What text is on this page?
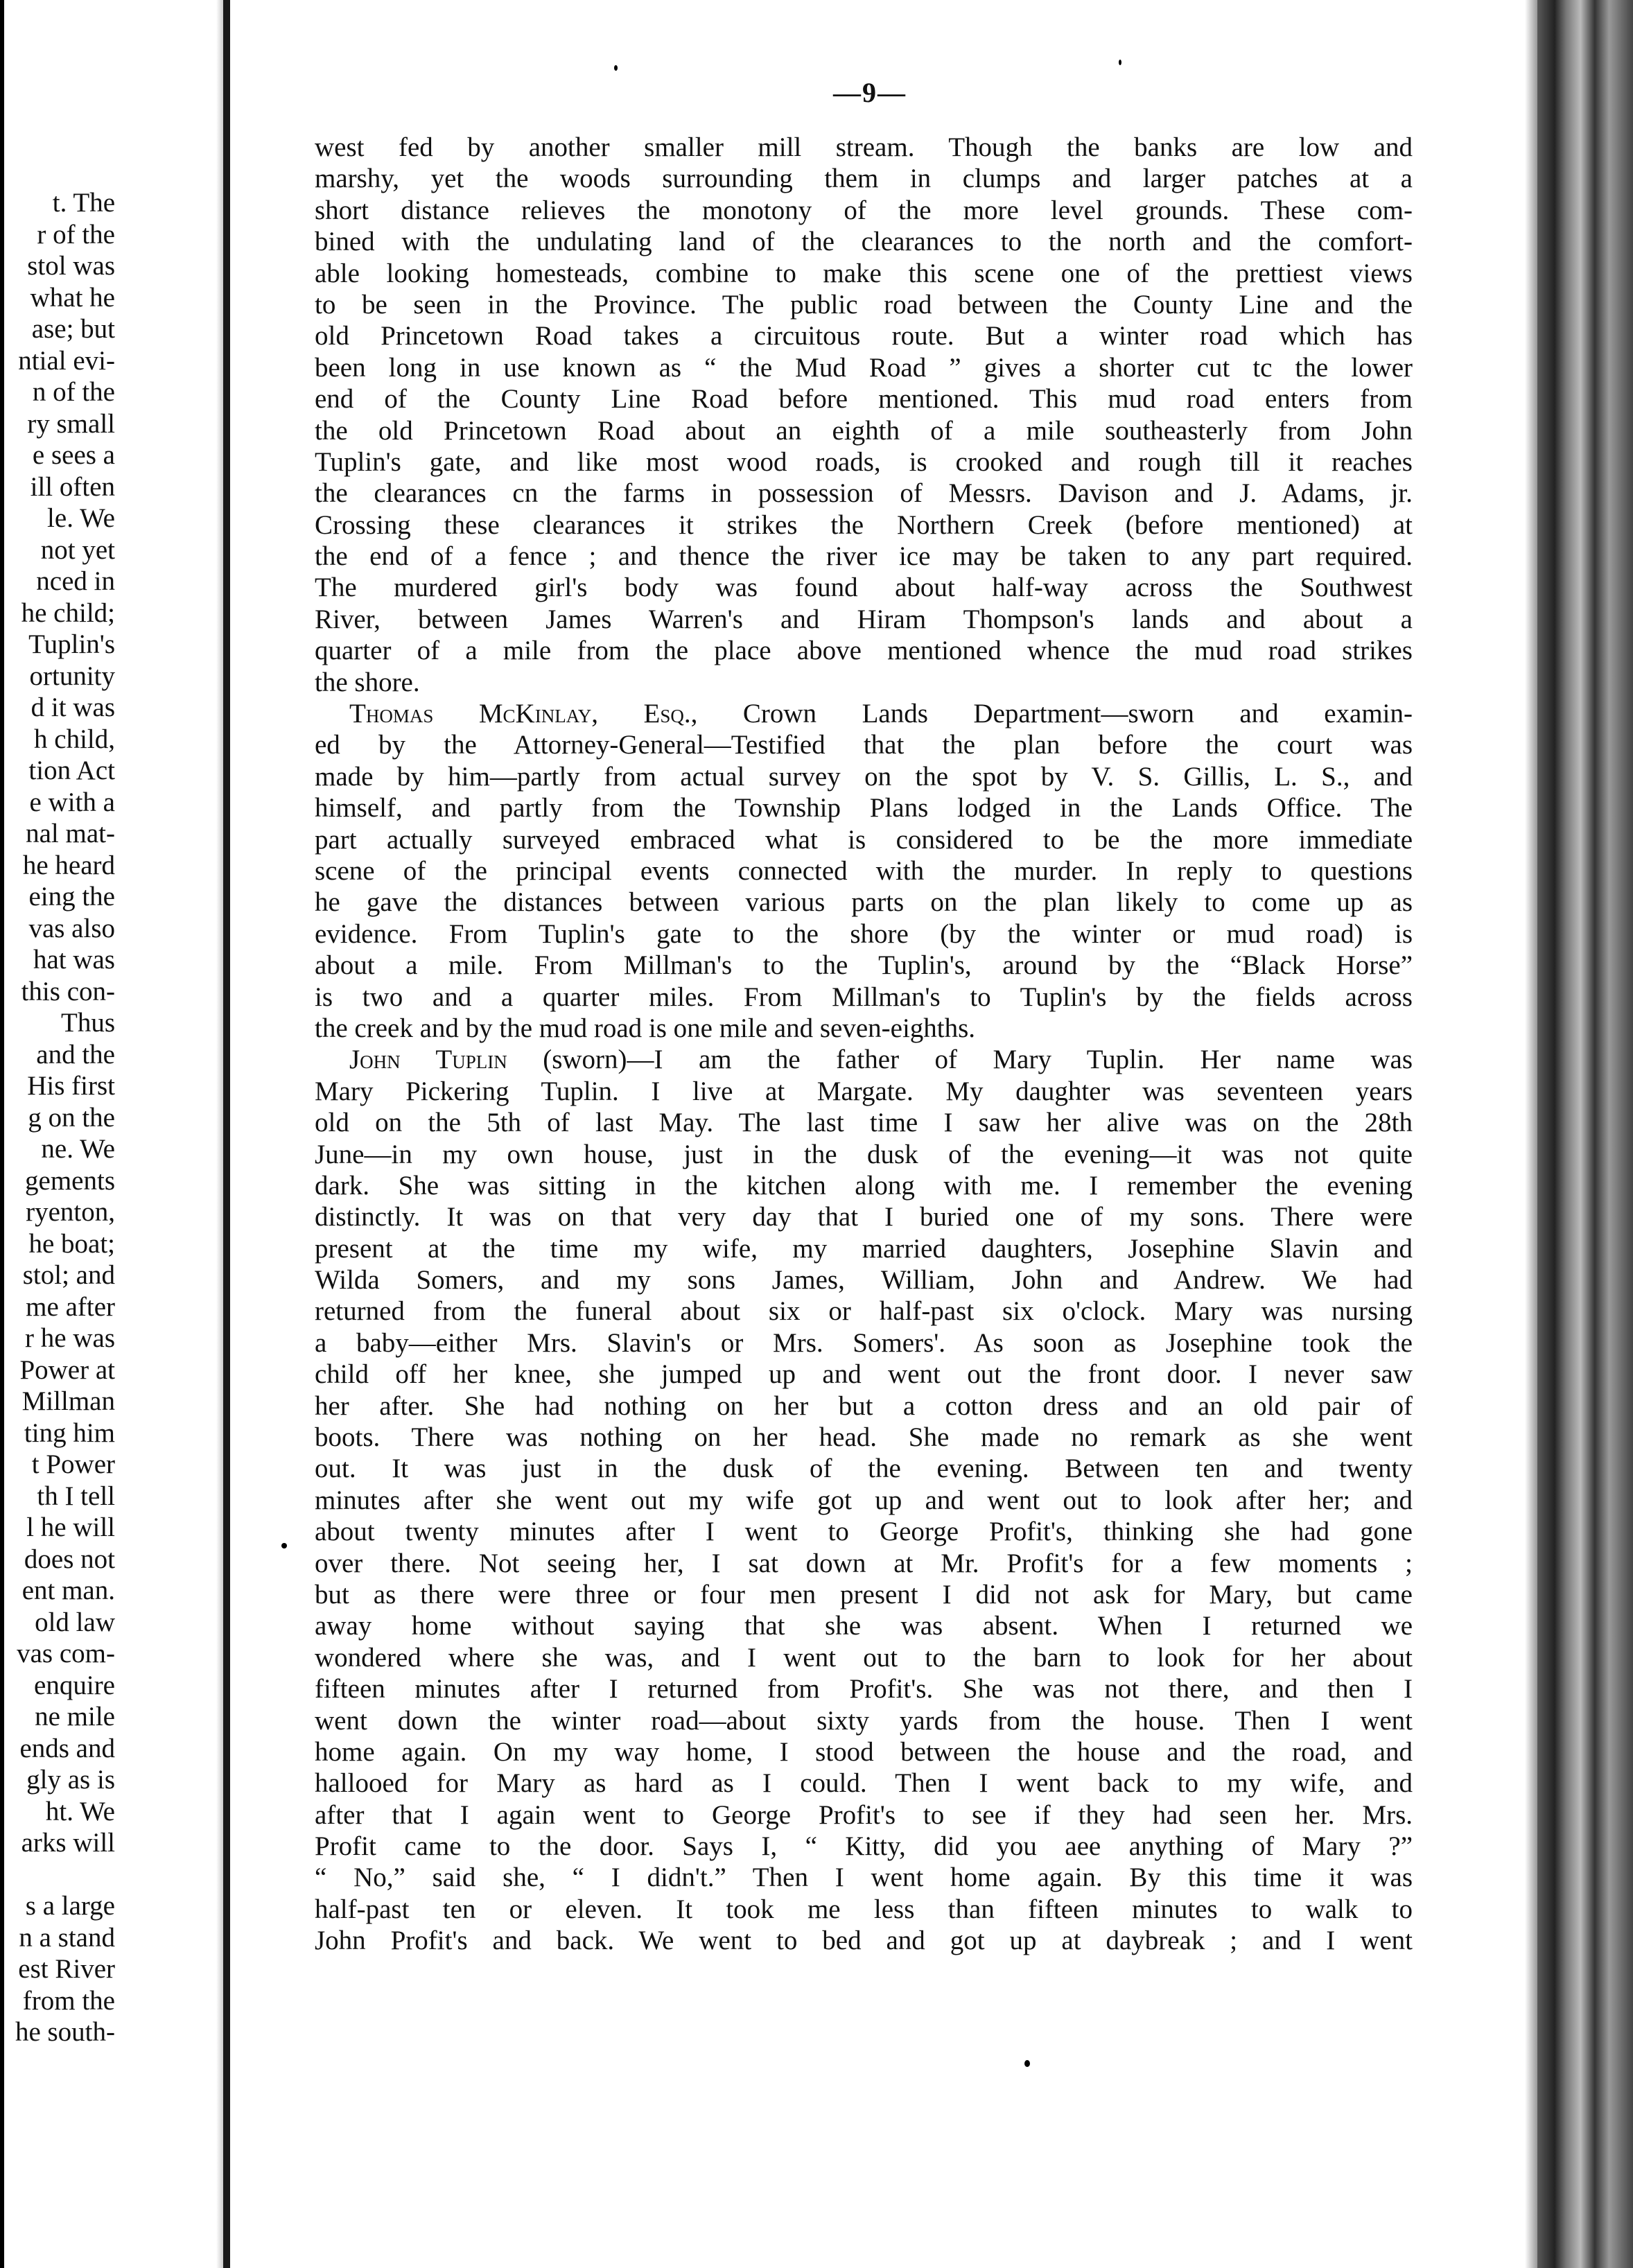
t. The
r of the
stol was
what he
ase; but
ntial evi-
n of the
ry small
e sees a
ill often
le. We
not yet
nced in
he child;
Tuplin's
ortunity
d it was
h child,
tion Act
e with a
nal mat-
he heard
eing the
vas also
hat was
this con-
Thus
and the
His first
g on the
ne. We
gements
ryenton,
he boat;
stol; and
me after
r he was
Power at
Millman
ting him
t Power
th I tell
l he will
does not
ent man.
old law
vas com-
enquire
ne mile
ends and
gly as is
ht. We
arks will
s a large
n a stand
est River
from the
he south-
—9—
west fed by another smaller mill stream. Though the banks are low and
marshy, yet the woods surrounding them in clumps and larger patches at a
short distance relieves the monotony of the more level grounds. These com-
bined with the undulating land of the clearances to the north and the comfort-
able looking homesteads, combine to make this scene one of the prettiest views
to be seen in the Province. The public road between the County Line and the
old Princetown Road takes a circuitous route. But a winter road which has
been long in use known as “ the Mud Road ” gives a shorter cut tc the lower
end of the County Line Road before mentioned. This mud road enters from
the old Princetown Road about an eighth of a mile southeasterly from John
Tuplin's gate, and like most wood roads, is crooked and rough till it reaches
the clearances cn the farms in possession of Messrs. Davison and J. Adams, jr.
Crossing these clearances it strikes the Northern Creek (before mentioned) at
the end of a fence ; and thence the river ice may be taken to any part required.
The murdered girl's body was found about half-way across the Southwest
River, between James Warren's and Hiram Thompson's lands and about a
quarter of a mile from the place above mentioned whence the mud road strikes
the shore.
Thomas McKinlay, Esq., Crown Lands Department—sworn and examin-
ed by the Attorney-General—Testified that the plan before the court was
made by him—partly from actual survey on the spot by V. S. Gillis, L. S., and
himself, and partly from the Township Plans lodged in the Lands Office. The
part actually surveyed embraced what is considered to be the more immediate
scene of the principal events connected with the murder. In reply to questions
he gave the distances between various parts on the plan likely to come up as
evidence. From Tuplin's gate to the shore (by the winter or mud road) is
about a mile. From Millman's to the Tuplin's, around by the “Black Horse”
is two and a quarter miles. From Millman's to Tuplin's by the fields across
the creek and by the mud road is one mile and seven-eighths.
John Tuplin (sworn)—I am the father of Mary Tuplin. Her name was
Mary Pickering Tuplin. I live at Margate. My daughter was seventeen years
old on the 5th of last May. The last time I saw her alive was on the 28th
June—in my own house, just in the dusk of the evening—it was not quite
dark. She was sitting in the kitchen along with me. I remember the evening
distinctly. It was on that very day that I buried one of my sons. There were
present at the time my wife, my married daughters, Josephine Slavin and
Wilda Somers, and my sons James, William, John and Andrew. We had
returned from the funeral about six or half-past six o'clock. Mary was nursing
a baby—either Mrs. Slavin's or Mrs. Somers'. As soon as Josephine took the
child off her knee, she jumped up and went out the front door. I never saw
her after. She had nothing on her but a cotton dress and an old pair of
boots. There was nothing on her head. She made no remark as she went
out. It was just in the dusk of the evening. Between ten and twenty
minutes after she went out my wife got up and went out to look after her; and
about twenty minutes after I went to George Profit's, thinking she had gone
over there. Not seeing her, I sat down at Mr. Profit's for a few moments ;
but as there were three or four men present I did not ask for Mary, but came
away home without saying that she was absent. When I returned we
wondered where she was, and I went out to the barn to look for her about
fifteen minutes after I returned from Profit's. She was not there, and then I
went down the winter road—about sixty yards from the house. Then I went
home again. On my way home, I stood between the house and the road, and
hallooed for Mary as hard as I could. Then I went back to my wife, and
after that I again went to George Profit's to see if they had seen her. Mrs.
Profit came to the door. Says I, “ Kitty, did you aee anything of Mary ?”
“ No,” said she, “ I didn't.” Then I went home again. By this time it was
half-past ten or eleven. It took me less than fifteen minutes to walk to
John Profit's and back. We went to bed and got up at daybreak ; and I went
